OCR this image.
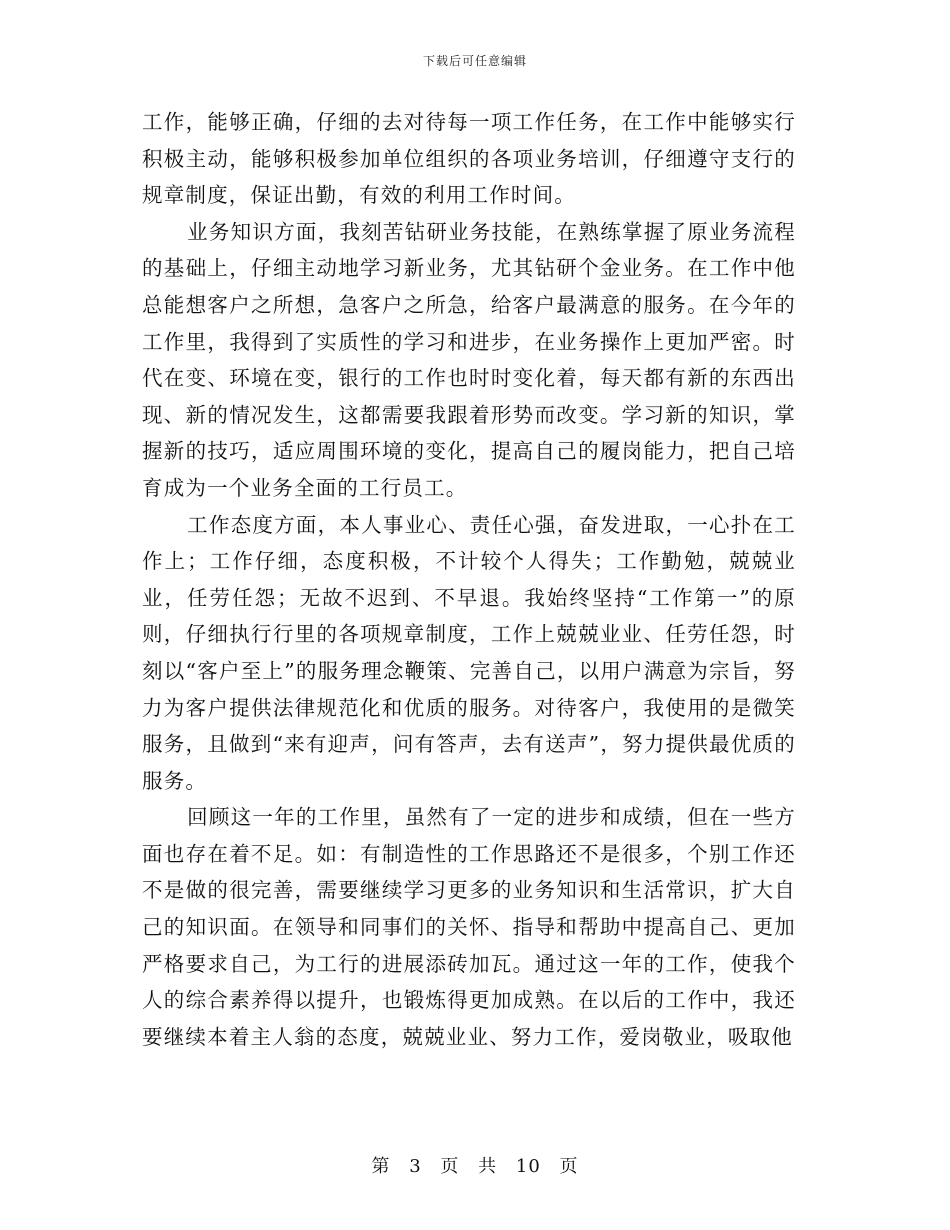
下载后可任意编辑

工作，能够正确，仔细的去对待每一项工作任务，在工作中能够实行积极主动，能够积极参加单位组织的各项业务培训，仔细遵守支行的规章制度，保证出勤，有效的利用工作时间。

业务知识方面，我刻苦钻研业务技能，在熟练掌握了原业务流程的基础上，仔细主动地学习新业务，尤其钻研个金业务。在工作中他总能想客户之所想，急客户之所急，给客户最满意的服务。在今年的工作里，我得到了实质性的学习和进步，在业务操作上更加严密。时代在变、环境在变，银行的工作也时时变化着，每天都有新的东西出现、新的情况发生，这都需要我跟着形势而改变。学习新的知识，掌握新的技巧，适应周围环境的变化，提高自己的履岗能力，把自己培育成为一个业务全面的工行员工。

工作态度方面，本人事业心、责任心强，奋发进取，一心扑在工作上；工作仔细，态度积极，不计较个人得失；工作勤勉，兢兢业业，任劳任怨；无故不迟到、不早退。我始终坚持“工作第一”的原则，仔细执行行里的各项规章制度，工作上兢兢业业、任劳任怨，时刻以“客户至上”的服务理念鞭策、完善自己，以用户满意为宗旨，努力为客户提供法律规范化和优质的服务。对待客户，我使用的是微笑服务，且做到“来有迎声，问有答声，去有送声”，努力提供最优质的服务。

回顾这一年的工作里，虽然有了一定的进步和成绩，但在一些方面也存在着不足。如：有制造性的工作思路还不是很多，个别工作还不是做的很完善，需要继续学习更多的业务知识和生活常识，扩大自己的知识面。在领导和同事们的关怀、指导和帮助中提高自己、更加严格要求自己，为工行的进展添砖加瓦。通过这一年的工作，使我个人的综合素养得以提升，也锻炼得更加成熟。在以后的工作中，我还要继续本着主人翁的态度，兢兢业业、努力工作，爱岗敬业，吸取他

第 3 页 共 10 页
